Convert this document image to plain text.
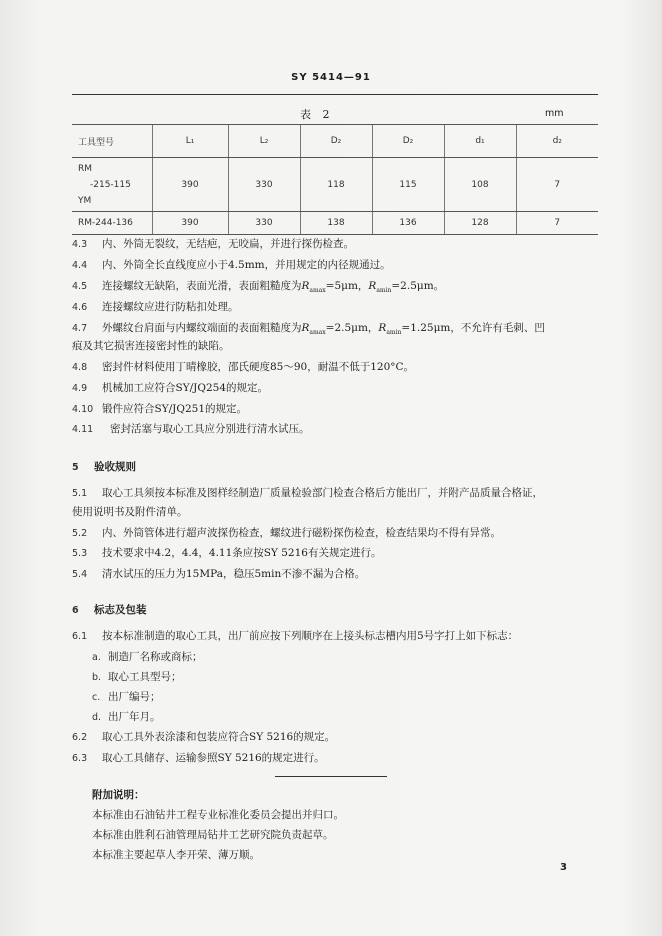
SY 5414—91
表 2	mm
工具型号	L₁	L₂	D₂	D₂	d₁	d₂

RM
-215-115
YM	390	330	118	115	108	7
RM-244-136	390	330	138	136	128	7
4.3 内、外筒无裂纹，无结疤，无咬扁，并进行探伤检查。
4.4 内、外筒全长直线度应小于4.5mm，并用规定的内径规通过。
4.5 连接螺纹无缺陷，表面光滑，表面粗糙度为$R_{amax}=5\mu m$，$R_{amin}=2.5\mu m$。
4.6 连接螺纹应进行防粘扣处理。
4.7 外螺纹台肩面与内螺纹端面的表面粗糙度为$R_{amax}=2.5\mu m$，$R_{amin}=1.25\mu m$，不允许有毛刺、凹
痕及其它损害连接密封性的缺陷。
4.8 密封件材料使用丁晴橡胶，邵氏硬度85～90，耐温不低于120°C。
4.9 机械加工应符合SY/JQ254的规定。
4.10 锻件应符合SY/JQ251的规定。
4.11 密封活塞与取心工具应分别进行清水试压。
5 验收规则
5.1 取心工具须按本标准及图样经制造厂质量检验部门检查合格后方能出厂，并附产品质量合格证，
使用说明书及附件清单。
5.2 内、外筒管体进行超声波探伤检查，螺纹进行磁粉探伤检查，检查结果均不得有异常。
5.3 技术要求中4.2，4.4，4.11条应按SY 5216有关规定进行。
5.4 清水试压的压力为15MPa，稳压5min不渗不漏为合格。
6 标志及包装
6.1 按本标准制造的取心工具，出厂前应按下列顺序在上接头标志槽内用5号字打上如下标志：
a. 制造厂名称或商标；
b. 取心工具型号；
c. 出厂编号；
d. 出厂年月。
6.2 取心工具外表涂漆和包装应符合SY 5216的规定。
6.3 取心工具储存、运输参照SY 5216的规定进行。
附加说明：
本标准由石油钻井工程专业标准化委员会提出并归口。
本标准由胜利石油管理局钻井工艺研究院负责起草。
本标准主要起草人李开荣、薄万顺。
3
